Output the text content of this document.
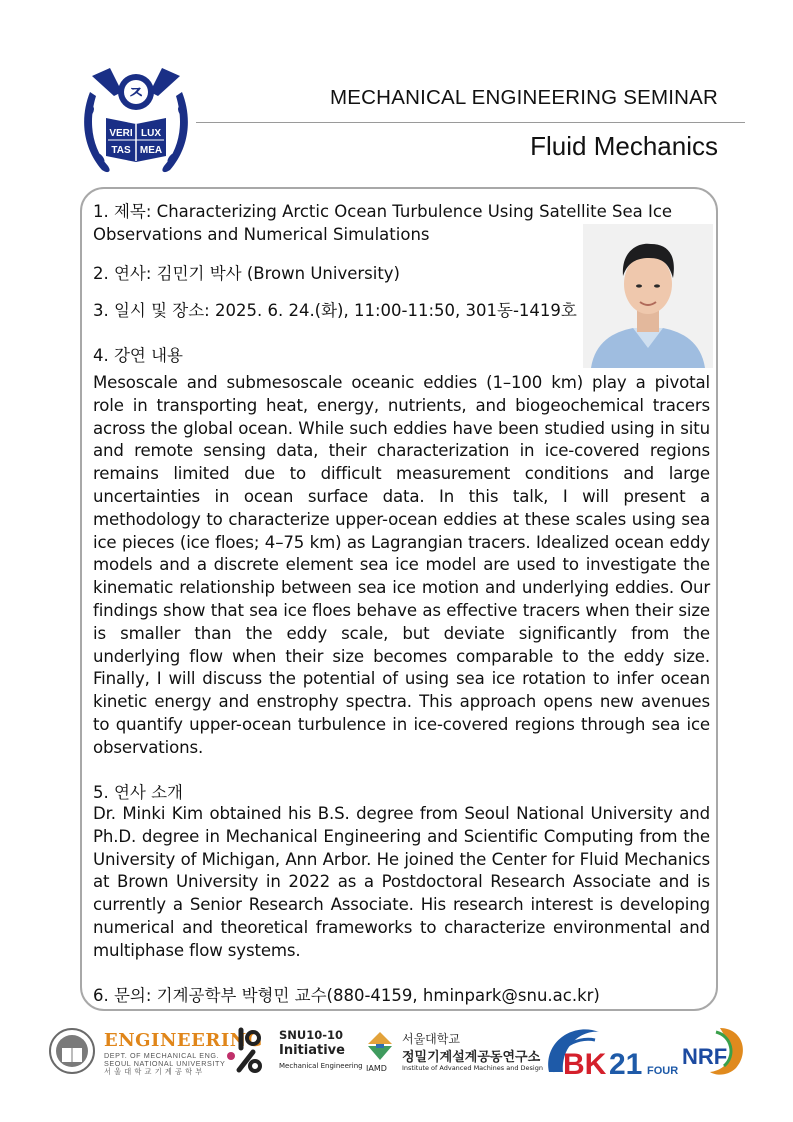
ㅈ
VERI LUX
TAS MEA
MECHANICAL ENGINEERING SEMINAR
Fluid Mechanics
1. 제목: Characterizing Arctic Ocean Turbulence Using Satellite Sea Ice
Observations and Numerical Simulations
2. 연사: 김민기 박사 (Brown University)
3. 일시 및 장소: 2025. 6. 24.(화), 11:00-11:50, 301동-1419호
4. 강연 내용

Mesoscale and submesoscale oceanic eddies (1–100 km) play a pivotal role in transporting heat, energy, nutrients, and biogeochemical tracers across the global ocean. While such eddies have been studied using in situ and remote sensing data, their characterization in ice-covered regions remains limited due to difficult measurement conditions and large uncertainties in ocean surface data. In this talk, I will present a methodology to characterize upper-ocean eddies at these scales using sea ice pieces (ice floes; 4–75 km) as Lagrangian tracers. Idealized ocean eddy models and a discrete element sea ice model are used to investigate the kinematic relationship between sea ice motion and underlying eddies. Our findings show that sea ice floes behave as effective tracers when their size is smaller than the eddy scale, but deviate significantly from the underlying flow when their size becomes comparable to the eddy size. Finally, I will discuss the potential of using sea ice rotation to infer ocean kinetic energy and enstrophy spectra. This approach opens new avenues to quantify upper-ocean turbulence in ice-covered regions through sea ice observations.

5. 연사 소개

Dr. Minki Kim obtained his B.S. degree from Seoul National University and Ph.D. degree in Mechanical Engineering and Scientific Computing from the University of Michigan, Ann Arbor. He joined the Center for Fluid Mechanics at Brown University in 2022 as a Postdoctoral Research Associate and is currently a Senior Research Associate. His research interest is developing numerical and theoretical frameworks to characterize environmental and multiphase flow systems.

6. 문의: 기계공학부 박형민 교수(880-4159, hminpark@snu.ac.kr)
ENGINEERING
DEPT. OF MECHANICAL ENG.
SEOUL NATIONAL UNIVERSITY
서 울 대 학 교 기 계 공 학 부
SNU10-10
Initiative
Mechanical Engineering IAMD
서울대학교
정밀기계설계공동연구소
Institute of Advanced Machines and Design BK 21 FOUR
NRF
